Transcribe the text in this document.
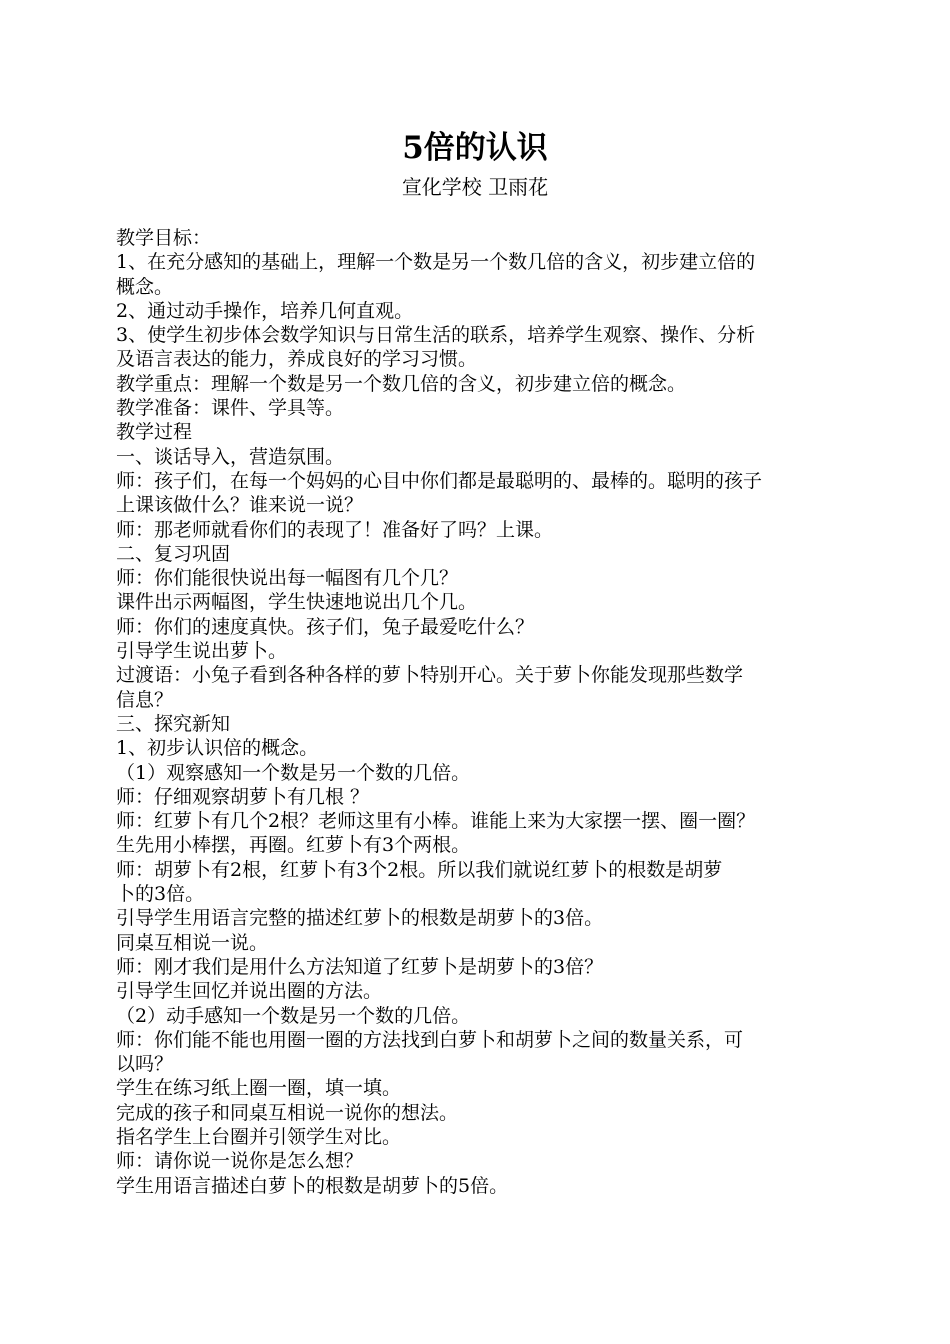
5倍的认识
宣化学校 卫雨花
教学目标：
1、在充分感知的基础上，理解一个数是另一个数几倍的含义，初步建立倍的
概念。
2、通过动手操作，培养几何直观。
3、使学生初步体会数学知识与日常生活的联系，培养学生观察、操作、分析
及语言表达的能力，养成良好的学习习惯。
教学重点：理解一个数是另一个数几倍的含义，初步建立倍的概念。
教学准备：课件、学具等。
教学过程
一、谈话导入，营造氛围。
师：孩子们，在每一个妈妈的心目中你们都是最聪明的、最棒的。聪明的孩子
上课该做什么？谁来说一说？
师：那老师就看你们的表现了！准备好了吗？上课。
二、复习巩固
师：你们能很快说出每一幅图有几个几？
课件出示两幅图，学生快速地说出几个几。
师：你们的速度真快。孩子们，兔子最爱吃什么？
引导学生说出萝卜。
过渡语：小兔子看到各种各样的萝卜特别开心。关于萝卜你能发现那些数学
信息？
三、探究新知
1、初步认识倍的概念。
（1）观察感知一个数是另一个数的几倍。
师：仔细观察胡萝卜有几根 ？
师：红萝卜有几个2根？老师这里有小棒。谁能上来为大家摆一摆、圈一圈？
生先用小棒摆，再圈。红萝卜有3个两根。
师：胡萝卜有2根，红萝卜有3个2根。所以我们就说红萝卜的根数是胡萝
卜的3倍。
引导学生用语言完整的描述红萝卜的根数是胡萝卜的3倍。
同桌互相说一说。
师：刚才我们是用什么方法知道了红萝卜是胡萝卜的3倍？
引导学生回忆并说出圈的方法。
（2）动手感知一个数是另一个数的几倍。
师：你们能不能也用圈一圈的方法找到白萝卜和胡萝卜之间的数量关系，可
以吗？
学生在练习纸上圈一圈，填一填。
完成的孩子和同桌互相说一说你的想法。
指名学生上台圈并引领学生对比。
师：请你说一说你是怎么想？
学生用语言描述白萝卜的根数是胡萝卜的5倍。
